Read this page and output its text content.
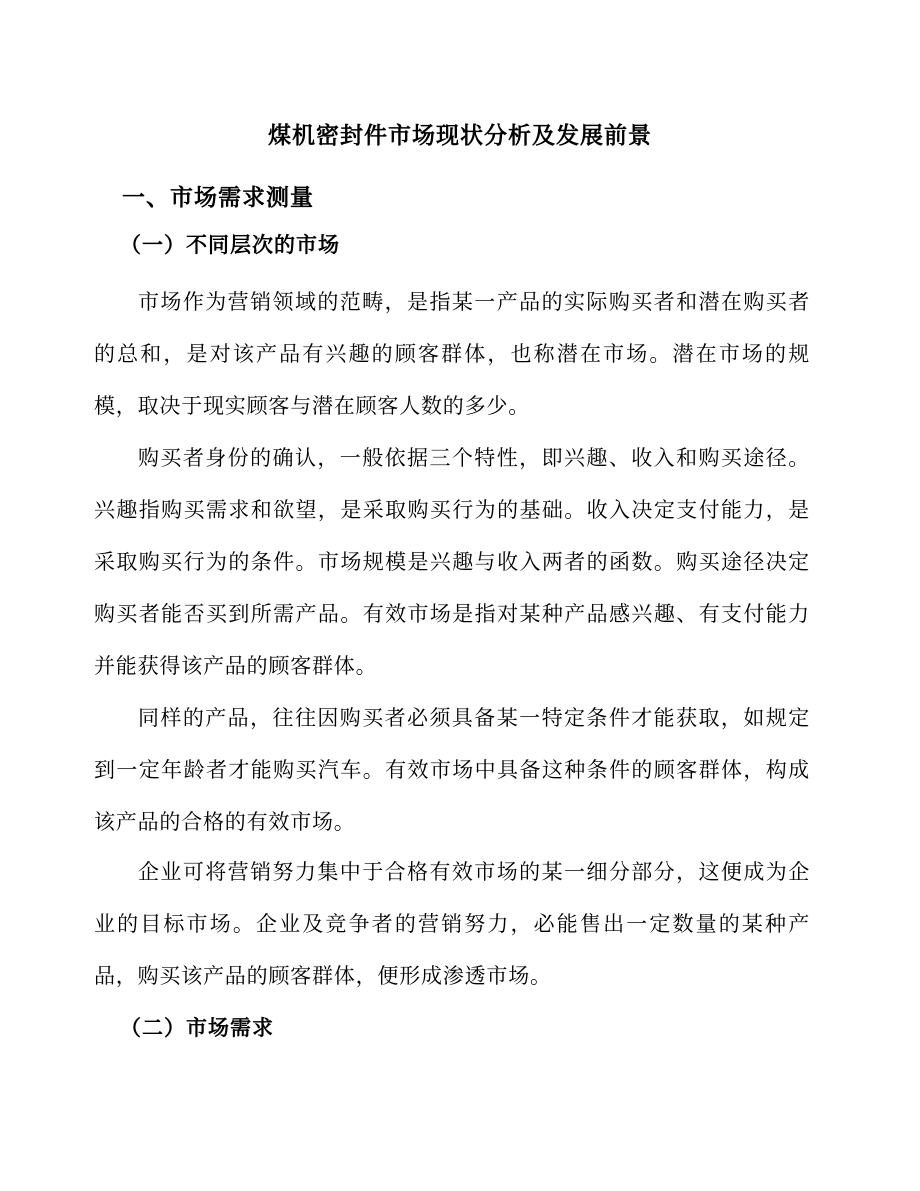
煤机密封件市场现状分析及发展前景
一、市场需求测量
（一）不同层次的市场

市场作为营销领域的范畴，是指某一产品的实际购买者和潜在购买者的总和，是对该产品有兴趣的顾客群体，也称潜在市场。潜在市场的规模，取决于现实顾客与潜在顾客人数的多少。

购买者身份的确认，一般依据三个特性，即兴趣、收入和购买途径。兴趣指购买需求和欲望，是采取购买行为的基础。收入决定支付能力，是采取购买行为的条件。市场规模是兴趣与收入两者的函数。购买途径决定购买者能否买到所需产品。有效市场是指对某种产品感兴趣、有支付能力并能获得该产品的顾客群体。

同样的产品，往往因购买者必须具备某一特定条件才能获取，如规定到一定年龄者才能购买汽车。有效市场中具备这种条件的顾客群体，构成该产品的合格的有效市场。

企业可将营销努力集中于合格有效市场的某一细分部分，这便成为企业的目标市场。企业及竞争者的营销努力，必能售出一定数量的某种产品，购买该产品的顾客群体，便形成渗透市场。

（二）市场需求
